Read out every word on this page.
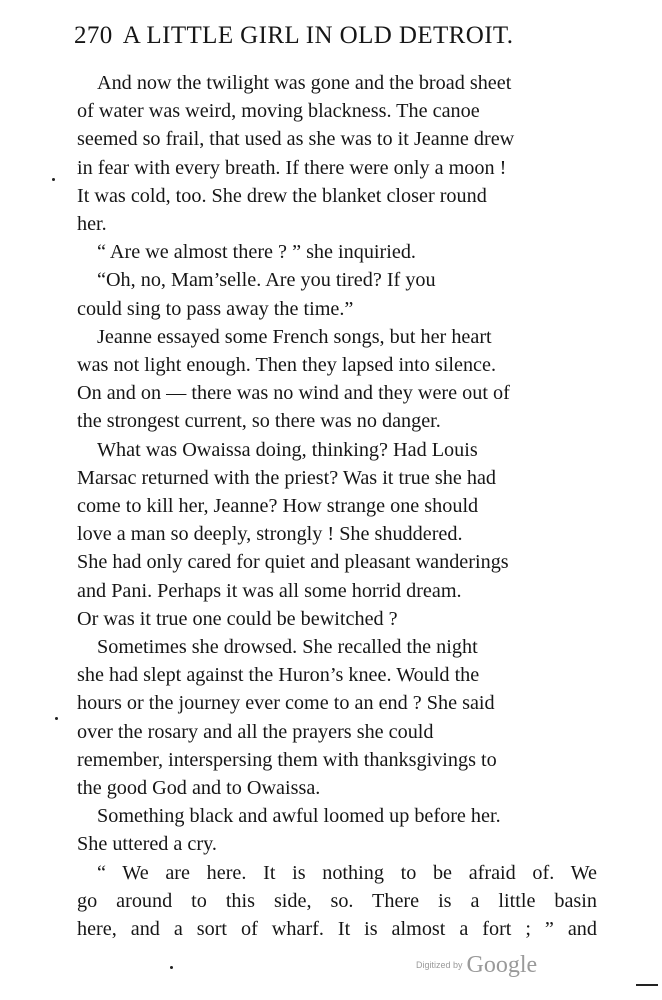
270 A LITTLE GIRL IN OLD DETROIT.

And now the twilight was gone and the broad sheet
of water was weird, moving blackness. The canoe
seemed so frail, that used as she was to it Jeanne drew
in fear with every breath. If there were only a moon !
It was cold, too. She drew the blanket closer round
her.

“ Are we almost there ? ” she inquiried.

“Oh, no, Mam’selle. Are you tired? If you
could sing to pass away the time.”

Jeanne essayed some French songs, but her heart
was not light enough. Then they lapsed into silence.
On and on — there was no wind and they were out of
the strongest current, so there was no danger.

What was Owaissa doing, thinking? Had Louis
Marsac returned with the priest? Was it true she had
come to kill her, Jeanne? How strange one should
love a man so deeply, strongly ! She shuddered.
She had only cared for quiet and pleasant wanderings
and Pani. Perhaps it was all some horrid dream.
Or was it true one could be bewitched ?

Sometimes she drowsed. She recalled the night
she had slept against the Huron’s knee. Would the
hours or the journey ever come to an end ? She said
over the rosary and all the prayers she could
remember, interspersing them with thanksgivings to
the good God and to Owaissa.

Something black and awful loomed up before her.
She uttered a cry.

“ We are here. It is nothing to be afraid of. We
go around to this side, so. There is a little basin
here, and a sort of wharf. It is almost a fort ; ” and

$^{Digitized by}$ Google
